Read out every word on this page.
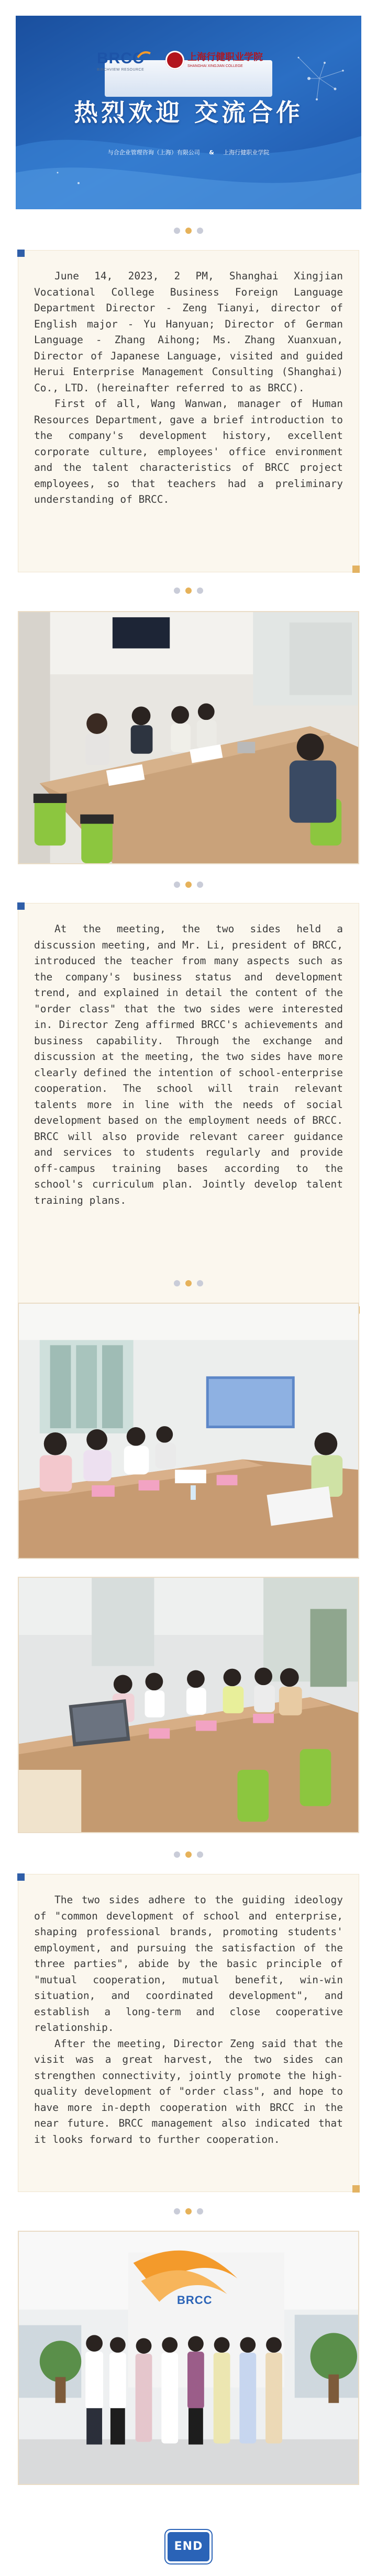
BRCC
BIRCHVIEW RESOURCE
上海行健职业学院
SHANGHAI XINGJIAN COLLEGE
热烈欢迎 交流合作
与合企业管理咨询（上海）有限公司 & 上海行健职业学院

June 14, 2023, 2 PM, Shanghai Xingjian Vocational College Business Foreign Language Department Director - Zeng Tianyi, director of English major - Yu Hanyuan; Director of German Language - Zhang Aihong; Ms. Zhang Xuanxuan, Director of Japanese Language, visited and guided Herui Enterprise Management Consulting (Shanghai) Co., LTD. (hereinafter referred to as BRCC).

First of all, Wang Wanwan, manager of Human Resources Department, gave a brief introduction to the company's development history, excellent corporate culture, employees' office environment and the talent characteristics of BRCC project employees, so that teachers had a preliminary understanding of BRCC.

At the meeting, the two sides held a discussion meeting, and Mr. Li, president of BRCC, introduced the teacher from many aspects such as the company's business status and development trend, and explained in detail the content of the "order class" that the two sides were interested in. Director Zeng affirmed BRCC's achievements and business capability. Through the exchange and discussion at the meeting, the two sides have more clearly defined the intention of school-enterprise cooperation. The school will train relevant talents more in line with the needs of social development based on the employment needs of BRCC. BRCC will also provide relevant career guidance and services to students regularly and provide off-campus training bases according to the school's curriculum plan. Jointly develop talent training plans.

The two sides adhere to the guiding ideology of "common development of school and enterprise, shaping professional brands, promoting students' employment, and pursuing the satisfaction of the three parties", abide by the basic principle of "mutual cooperation, mutual benefit, win-win situation, and coordinated development", and establish a long-term and close cooperative relationship.

After the meeting, Director Zeng said that the visit was a great harvest, the two sides can strengthen connectivity, jointly promote the high-quality development of "order class", and hope to have more in-depth cooperation with BRCC in the near future. BRCC management also indicated that it looks forward to further cooperation.

BRCC
END
